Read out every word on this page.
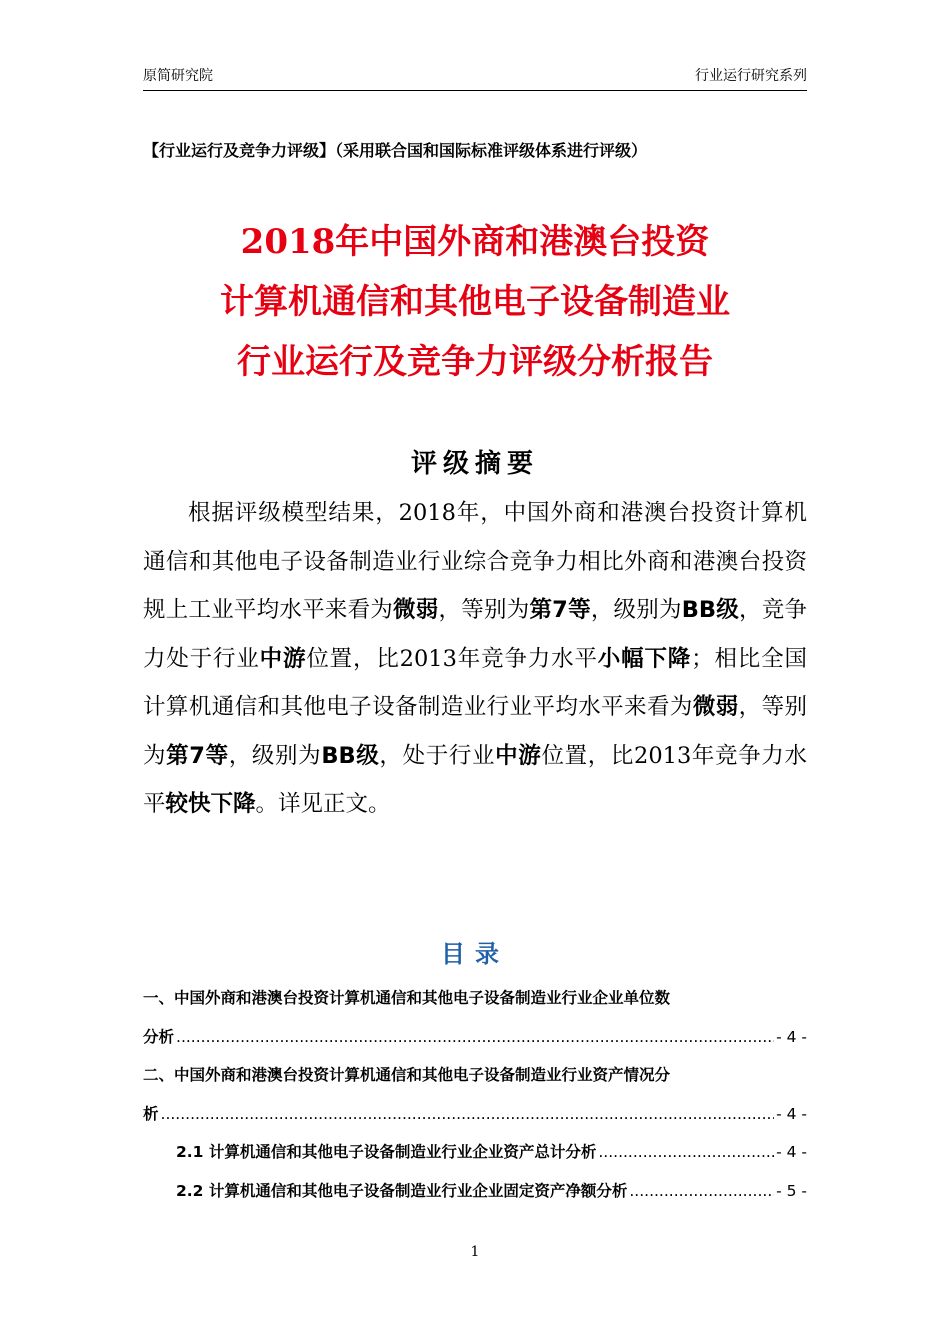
原简研究院	行业运行研究系列
【行业运行及竞争力评级】（采用联合国和国际标准评级体系进行评级）
2018年中国外商和港澳台投资
计算机通信和其他电子设备制造业
行业运行及竞争力评级分析报告
评级摘要

根据评级模型结果，2018年，中国外商和港澳台投资计算机通信和其他电子设备制造业行业综合竞争力相比外商和港澳台投资规上工业平均水平来看为微弱，等别为第7等，级别为BB级，竞争力处于行业中游位置，比2013年竞争力水平小幅下降；相比全国计算机通信和其他电子设备制造业行业平均水平来看为微弱，等别为第7等，级别为BB级，处于行业中游位置，比2013年竞争力水平较快下降。详见正文。

目录
一、中国外商和港澳台投资计算机通信和其他电子设备制造业行业企业单位数
分析 .....	- 4 -
二、中国外商和港澳台投资计算机通信和其他电子设备制造业行业资产情况分
析 .....	- 4 -
2.1 计算机通信和其他电子设备制造业行业企业资产总计分析 .....	- 4 -
2.2 计算机通信和其他电子设备制造业行业企业固定资产净额分析 .....	- 5 -
1
